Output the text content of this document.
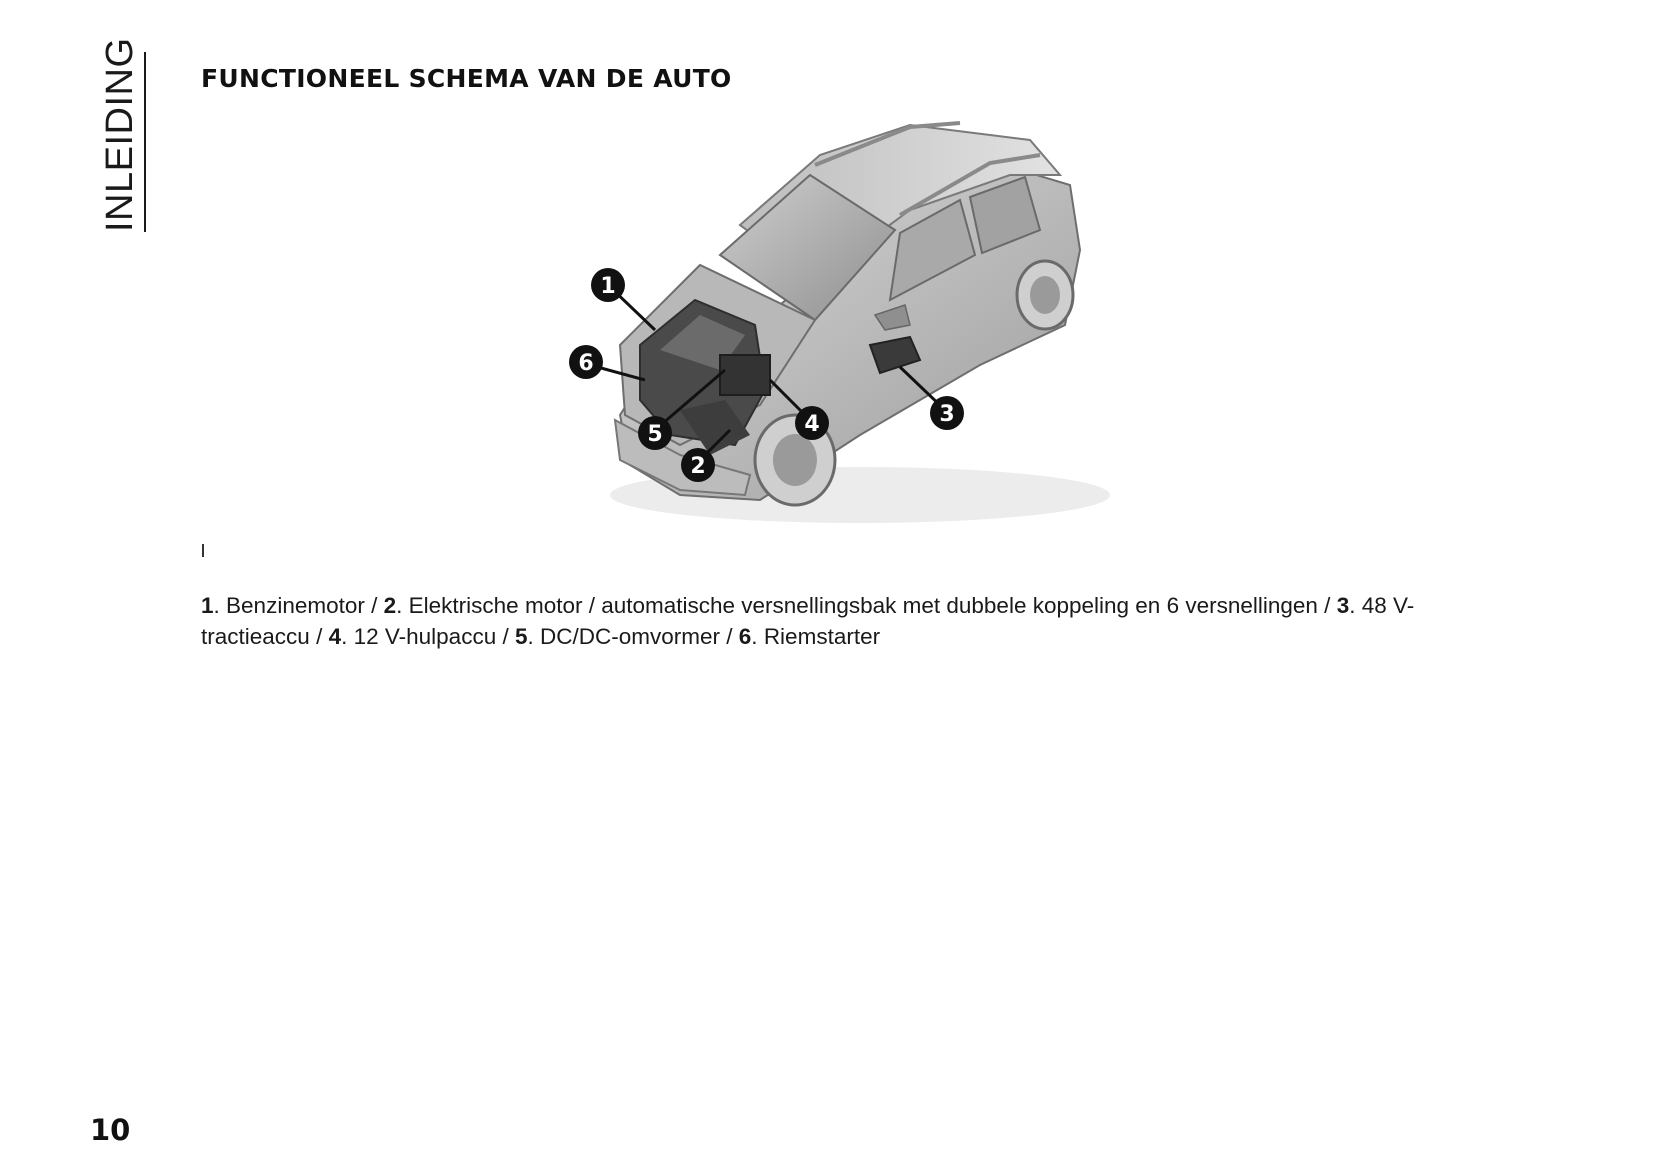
INLEIDING FUNCTIONEEL SCHEMA VAN DE AUTO
1
2
3
4
5
6
1. Benzinemotor / 2. Elektrische motor / automatische versnellingsbak met dubbele koppeling en 6 versnellingen / 3. 48 V-tractieaccu / 4. 12 V-hulpaccu / 5. DC/DC-omvormer / 6. Riemstarter
10
